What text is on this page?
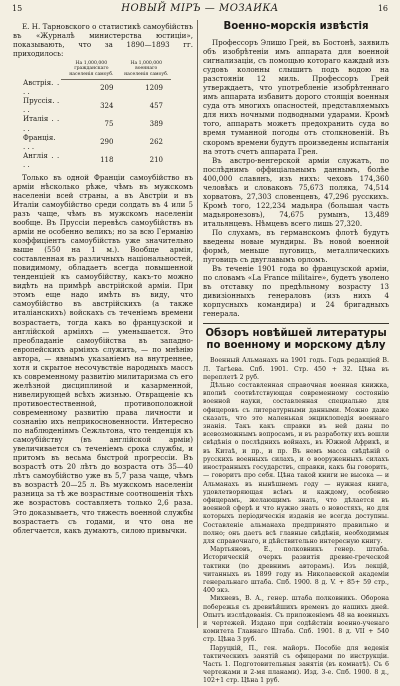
15	НОВЫЙ МІРЪ — МОЗАИКА	16

Е. Н. Тарновского о статистикѣ самоубійствъ въ «Журналѣ министерства юстиціи», показывають, что за 1890—1893 гг. приходилось:

	На 1,000,000 гражданскаго населенія самоуб.	На 1,000,000 военнаго населенія самоуб.
Австрія. . . .	209	1209
Пруссія. . . .	324	457
Италія . . . .	75	389
Франція. . . .	290	262
Англія . . . .	118	210

Только въ одной Франціи самоубійство въ арміи нѣсколько рѣже, чѣмъ въ мужскомъ населеніи всей страны, а въ Австріи и въ Италіи самоубійство среди солдать въ 4 или 5 разъ чаще, чѣмъ въ мужскомъ населеніи вообще. Въ Пруссіи перевѣсъ самоубійствъ въ арміи не особенно великъ; но за всю Германію коэффиціентъ самоубійствъ уже значительно выше (550 на 1 м.). Вообще армія, составленная въ различныхъ національностей, повидимому, обладаетъ всегда повышенной тенденціей къ самоубійству, какъ-то можно видѣть на примѣрѣ австрійской арміи. При этомъ еще надо имѣть въ виду, что самоубійство въ австрійскихъ (а также италіанскихъ) войскахъ съ теченіемъ времени возрастаетъ, тогда какъ во французской и англійской арміяхъ — уменьшается. Это преобладаніе самоубійства въ западно-европейскихъ арміяхъ служить, — по мнѣнію автора, — явнымъ указаніемъ на внутреннее, хотя и скрытое несочувствіе народныхъ массъ къ современному развитію милитаризма съ его желѣзной дисциплиной и казарменной, нивелирующей всѣхъ жизнью. Отвращеніе къ противоестественной, противоположной современному развитію права личности и сознанію ихъ неприкосновенности. Интересно по наблюденіямъ Сежльтона, что тенденція къ самоубійству (въ англійской арміи) увеличивается съ теченіемъ срока службы, и притомъ въ весьма быстрой прогрессіи. Въ возрастѣ отъ 20 лѣтъ до возраста отъ 35—40 лѣтъ самоубійство уже въ 5,7 раза чаще, чѣмъ въ возрастѣ 20—25 л. Въ мужскомъ населеніи разница за тѣ же возрастные соотношенія тѣхъ же возрастовъ составляетъ только 2,6 раза. Это доказываетъ, что тяжесть военной службы возрастаетъ съ годами, и что она не облегчается, какъ думаютъ, силою привычки.

Военно-морскія извѣстія

Профессоръ Элишо Грей, въ Бостонѣ, заявилъ объ изобрѣтеніи имъ аппарата для военной сигнализаціи, съ помощью котораго каждый изъ судовъ колонны слышитъ подъ водою на разстояніи 12 миль. Профессоръ Грей утверждаетъ, что употребленіе изобрѣтеннаго имъ аппарата избавитъ дорого стоящія военныя суда отъ многихъ опасностей, представляемыхъ для нихъ ночными подводными ударами. Кромѣ того, аппаратъ можетъ предохранить суда во время туманной погоды отъ столкновеній. Въ скоромъ времени будутъ произведены испытанія на этотъ счетъ аппарата Грея.

Въ австро-венгерской арміи служатъ, по послѣднимъ оффиціальнымъ даннымъ, болѣе 400,000 славянъ, изъ нихъ: чеховъ 174,360 человѣкъ и словаковъ 75,673 поляка, 74,514 хорватовъ, 27,303 словенцевъ, 47,296 русскихъ. Кромѣ того, 122,234 мадьяра (большая часть мадьяронезовъ), 74,675 румынъ, 13,489 итальянцевъ. Нѣмцевъ всего лишь 27,320.

По слухамъ, въ германскомъ флотѣ будутъ введены новые мундиры. Въ новой военной формѣ, меньше пуговицъ, металлическихъ пуговицъ съ двуглавымъ орломъ.

Въ теченіе 1901 года во французской арміи, по словамъ «La France militaire», будетъ уволено въ отставку по предѣльному возрасту 13 дивизіонныхъ генераловъ (изъ нихъ 4 корпусныхъ командира) и 24 бригадныхъ генерала.

Обзоръ новѣйшей литературы по военному и морскому дѣлу

Военный Альманахъ на 1901 годъ. Годъ редакціей В. Л. Тагѣева. Спб. 1901. Стр. 450 + 32. Цѣна въ переплетѣ 2 руб.

Дѣльно составленная справочная военная книжка, вполнѣ соотвѣтствующая современному состоянію военной науки, составленная специально для офицеровъ съ литературными данными. Можно даже сказать, что это маленькая энциклопедія военнаго знанія. Такъ какъ справки въ ней даны по всевозможнымъ вопросамъ, и въ разработку ихъ вошли свѣдѣнія о послѣднихъ войнахъ, въ Южной Африкѣ, и въ Китаѣ, и пр., и пр. Въ немъ масса свѣдѣній о русскихъ военныхъ силахъ, и о вооруженныхъ силахъ иностранныхъ государствъ, справки, какъ бы говорить, — говоритъ про себя. Цѣна такой книги не высока — и Альманахъ въ нынѣшнемъ году — нужная книга, удовлетворяющая всѣмъ и каждому, особенно офицерамъ, желающимъ знать, что дѣлается въ военной сферѣ и что нужно знать о новостяхъ, но для которыхъ періодическія изданія не всегда доступны. Составленіе альманаха предпринято правильно и полно; онъ даетъ всѣ главные свѣдѣнія, необходимыя для справочнаго, и дѣйствительно интересную книгу.

Мартьяновъ, Е., полковникъ генер. штаба. Историческій очеркъ развитія древне-греческой тактики (по древнимъ авторамъ). Изъ лекцій, читанныхъ въ 1899 году въ Николаевской академіи генеральнаго штаба. Спб. 1900. 8 д. V. + 85+ 59 стр., 400 экз.

Михневъ, В. А., генер. штаба полковникъ. Оборона побережья съ древнѣйшихъ временъ до нашихъ дней. Опытъ изслѣдованія. Съ приложеніемъ 48 на военныхъ и чертежей. Издано при содѣйствіи военно-ученаго комитета Главнаго Штаба. Спб. 1901. 8 д. VII + 540 стр. Цѣна 3 руб.

Паруцкій, П., ген. майоръ. Пособіе для веденія тактическихъ занятій съ офицерами по инструкціи. Часть 1. Подготовительныя занятія (въ комнатѣ). Съ 6 чертежами и 2-мя планами). Изд. 3-е. Спб. 1900. 8 д., 102+1 стр. Цѣна 1 руб.
